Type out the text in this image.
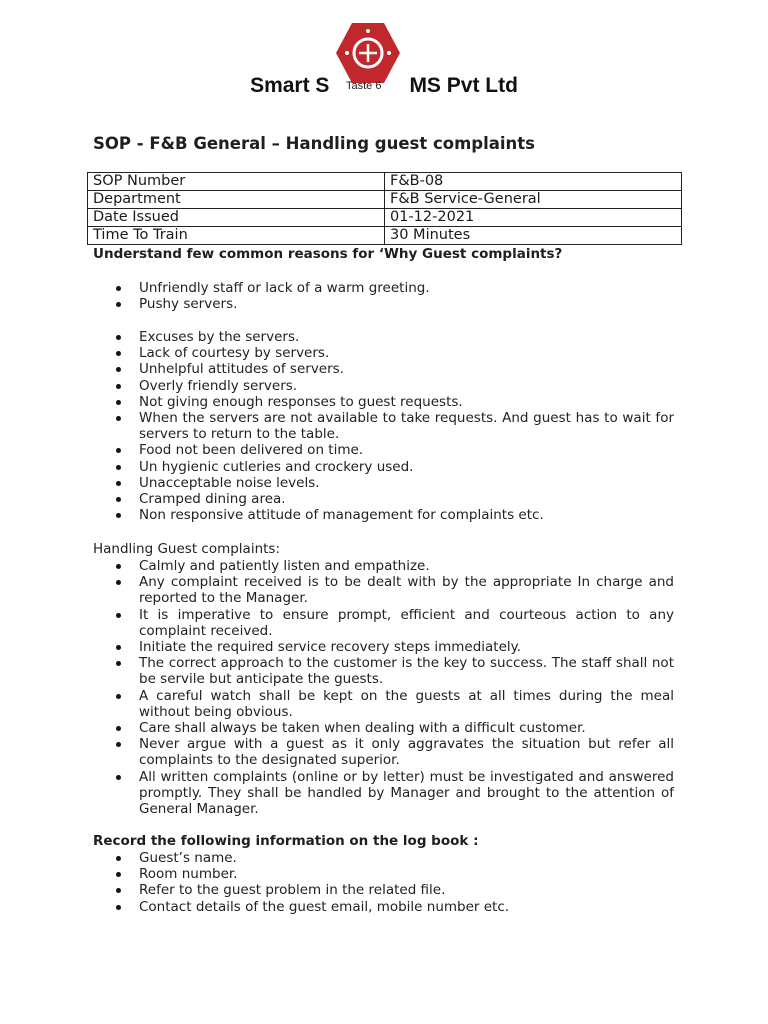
Taste 6
Smart S	MS Pvt Ltd
SOP - F&B General – Handling guest complaints
SOP Number	F&B-08
Department	F&B Service-General
Date Issued	01-12-2021
Time To Train	30 Minutes
Understand few common reasons for ‘Why Guest complaints?
Unfriendly staff or lack of a warm greeting.
Pushy servers.
Excuses by the servers.
Lack of courtesy by servers.
Unhelpful attitudes of servers.
Overly friendly servers.
Not giving enough responses to guest requests.
When the servers are not available to take requests. And guest has to wait for servers to return to the table.
Food not been delivered on time.
Un hygienic cutleries and crockery used.
Unacceptable noise levels.
Cramped dining area.
Non responsive attitude of management for complaints etc.
Handling Guest complaints:
Calmly and patiently listen and empathize.
Any complaint received is to be dealt with by the appropriate In charge and reported to the Manager.
It is imperative to ensure prompt, efficient and courteous action to any complaint received.
Initiate the required service recovery steps immediately.
The correct approach to the customer is the key to success. The staff shall not be servile but anticipate the guests.
A careful watch shall be kept on the guests at all times during the meal without being obvious.
Care shall always be taken when dealing with a difficult customer.
Never argue with a guest as it only aggravates the situation but refer all complaints to the designated superior.
All written complaints (online or by letter) must be investigated and answered promptly. They shall be handled by Manager and brought to the attention of General Manager.
Record the following information on the log book :
Guest’s name.
Room number.
Refer to the guest problem in the related file.
Contact details of the guest email, mobile number etc.
